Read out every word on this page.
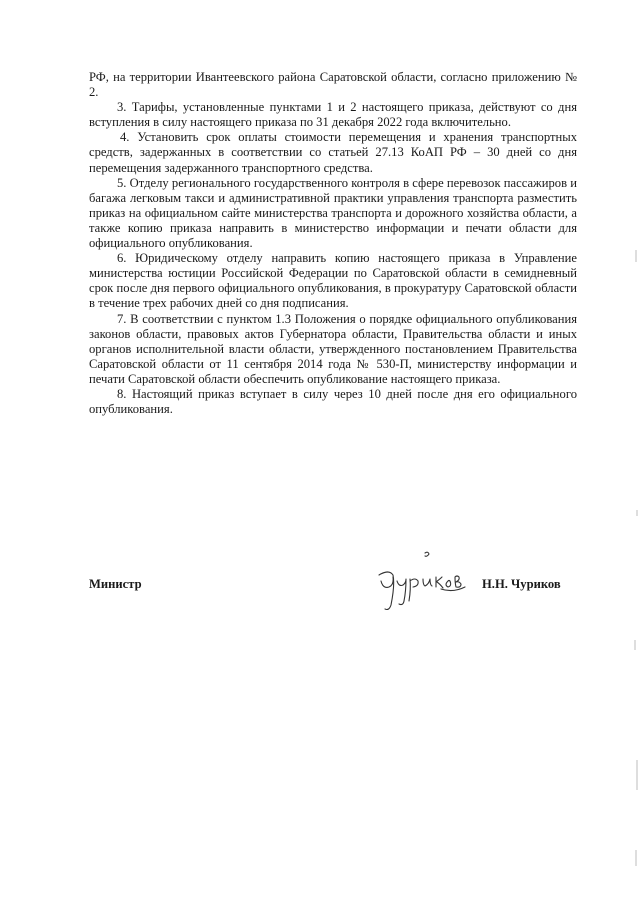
РФ, на территории Ивантеевского района Саратовской области, согласно приложению № 2.

3. Тарифы, установленные пунктами 1 и 2 настоящего приказа, действуют со дня вступления в силу настоящего приказа по 31 декабря 2022 года включительно.

4. Установить срок оплаты стоимости перемещения и хранения транспортных средств, задержанных в соответствии со статьей 27.13 КоАП РФ – 30 дней со дня перемещения задержанного транспортного средства.

5. Отделу регионального государственного контроля в сфере перевозок пассажиров и багажа легковым такси и административной практики управления транспорта разместить приказ на официальном сайте министерства транспорта и дорожного хозяйства области, а также копию приказа направить в министерство информации и печати области для официального опубликования.

6. Юридическому отделу направить копию настоящего приказа в Управление министерства юстиции Российской Федерации по Саратовской области в семидневный срок после дня первого официального опубликования, в прокуратуру Саратовской области в течение трех рабочих дней со дня подписания.

7. В соответствии с пунктом 1.3 Положения о порядке официального опубликования законов области, правовых актов Губернатора области, Правительства области и иных органов исполнительной власти области, утвержденного постановлением Правительства Саратовской области от 11 сентября 2014 года № 530-П, министерству информации и печати Саратовской области обеспечить опубликование настоящего приказа.

8. Настоящий приказ вступает в силу через 10 дней после дня его официального опубликования.

Министр	Н.Н. Чуриков
